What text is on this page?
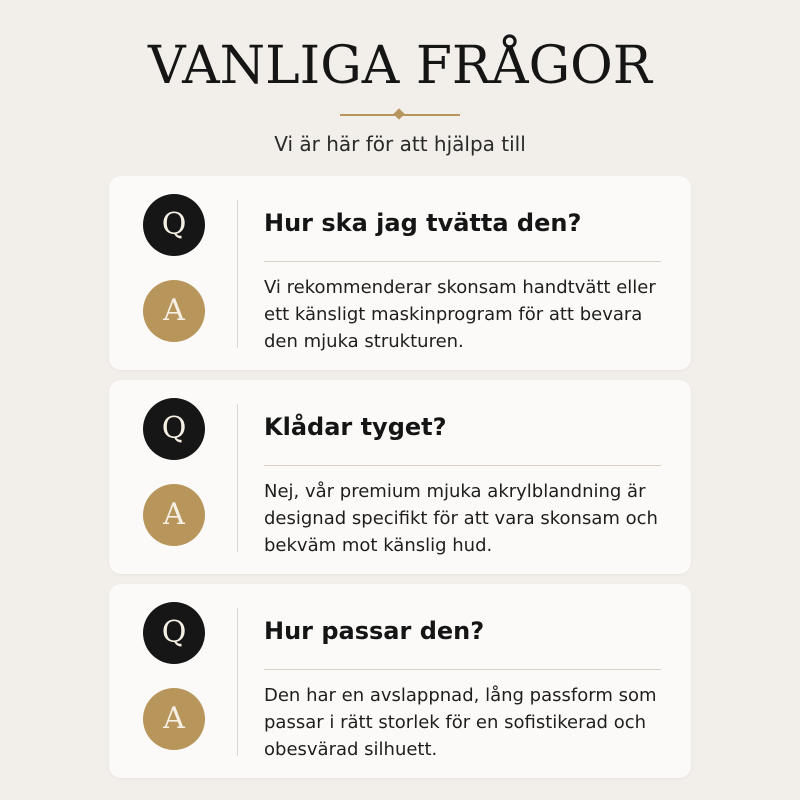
VANLIGA FRÅGOR
Vi är här för att hjälpa till
Q
A
Hur ska jag tvätta den?
Vi rekommenderar skonsam handtvätt eller ett känsligt maskinprogram för att bevara den mjuka strukturen.
Q
A
Klådar tyget?
Nej, vår premium mjuka akrylblandning är designad specifikt för att vara skonsam och bekväm mot känslig hud.
Q
A
Hur passar den?
Den har en avslappnad, lång passform som passar i rätt storlek för en sofistikerad och obesvärad silhuett.
